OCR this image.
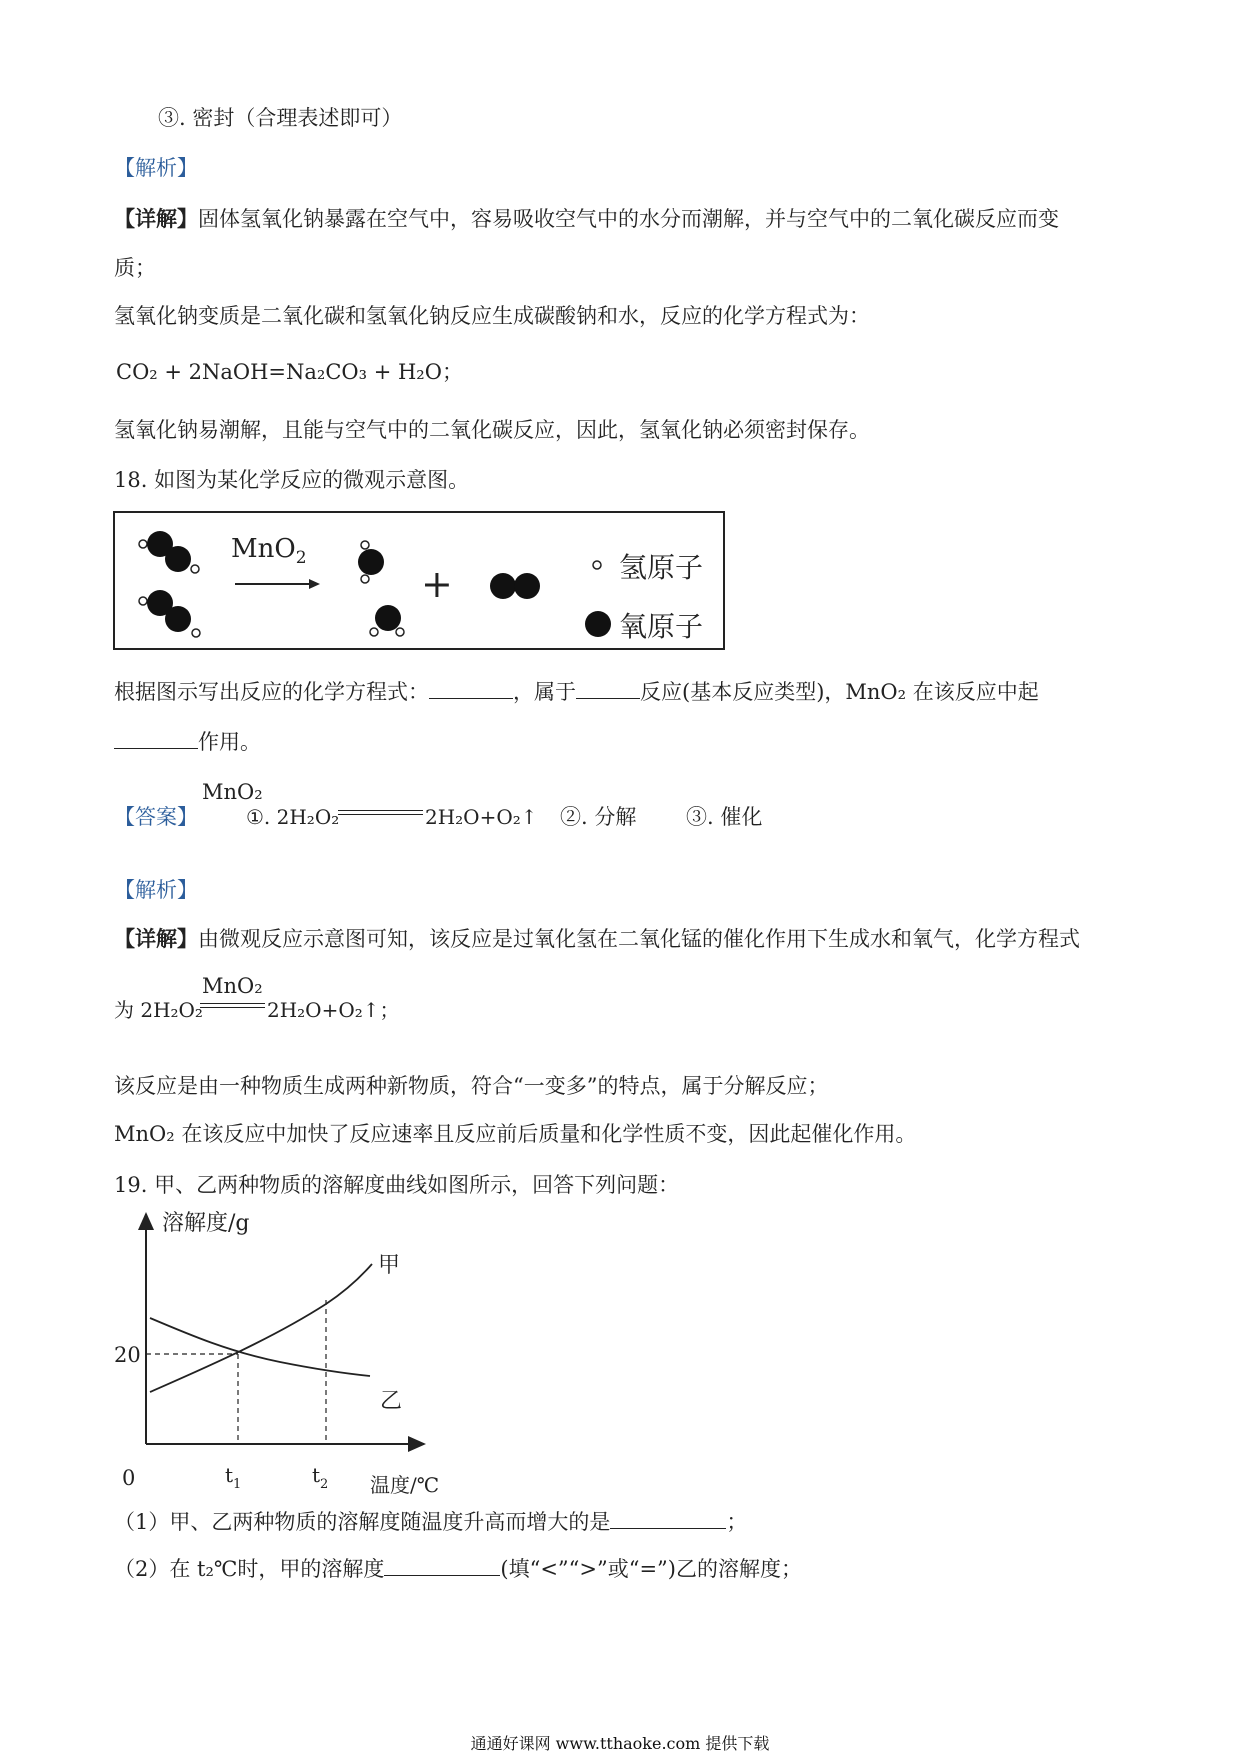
③. 密封（合理表述即可）
【解析】
【详解】固体氢氧化钠暴露在空气中，容易吸收空气中的水分而潮解，并与空气中的二氧化碳反应而变
质；
氢氧化钠变质是二氧化碳和氢氧化钠反应生成碳酸钠和水，反应的化学方程式为：
CO₂ + 2NaOH=Na₂CO₃ + H₂O；
氢氧化钠易潮解，且能与空气中的二氧化碳反应，因此，氢氧化钠必须密封保存。
18. 如图为某化学反应的微观示意图。
MnO$_2$
+	氢原子
氧原子
根据图示写出反应的化学方程式：	，属于	反应(基本反应类型)，MnO₂ 在该反应中起
作用。
【答案】
MnO₂
①. 2H₂O₂	2H₂O+O₂↑ ②. 分解 ③. 催化
【解析】
【详解】由微观反应示意图可知，该反应是过氧化氢在二氧化锰的催化作用下生成水和氧气，化学方程式
MnO₂
为 2H₂O₂	2H₂O+O₂↑；
该反应是由一种物质生成两种新物质，符合“一变多”的特点，属于分解反应；
MnO₂ 在该反应中加快了反应速率且反应前后质量和化学性质不变，因此起催化作用。
19. 甲、乙两种物质的溶解度曲线如图所示，回答下列问题：
溶解度/g
温度/℃
0
20
$t_1$	$t_2$
甲
乙
（1）甲、乙两种物质的溶解度随温度升高而增大的是	；
（2）在 t₂℃时，甲的溶解度	(填“<”“>”或“=”)乙的溶解度；
通通好课网 www.tthaoke.com 提供下载
